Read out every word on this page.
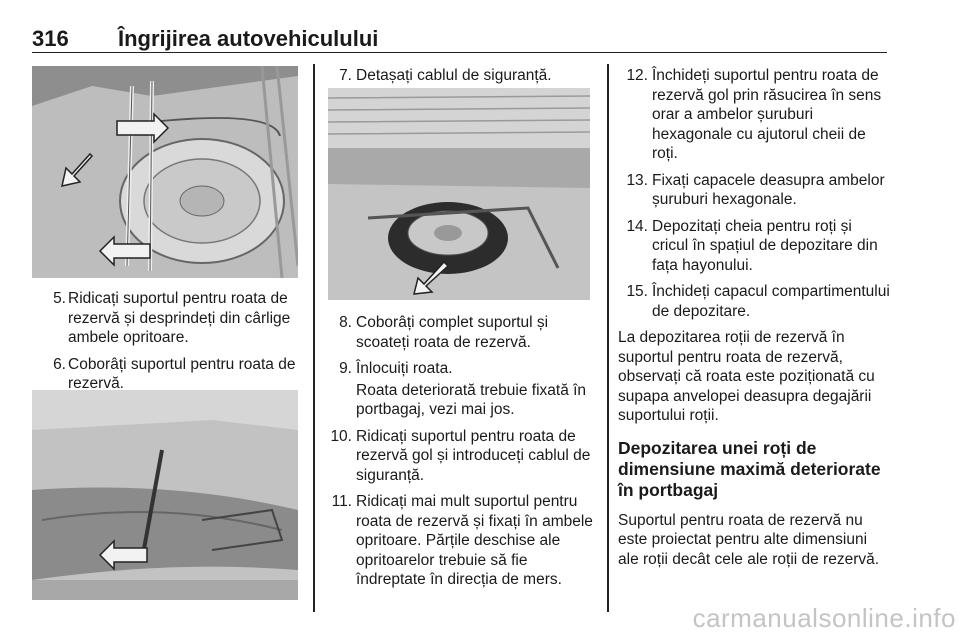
316 Îngrijirea autovehiculului
5. Ridicați suportul pentru roata de rezervă și desprindeți din cârlige ambele opritoare.
6. Coborâți suportul pentru roata de rezervă.
7. Detașați cablul de siguranță.
8. Coborâți complet suportul și scoateți roata de rezervă.
9. Înlocuiți roata.
Roata deteriorată trebuie fixată în portbagaj, vezi mai jos.
10. Ridicați suportul pentru roata de rezervă gol și introduceți cablul de siguranță.
11. Ridicați mai mult suportul pentru roata de rezervă și fixați în ambele opritoare. Părțile deschise ale opritoarelor trebuie să fie îndreptate în direcția de mers.
12. Închideți suportul pentru roata de rezervă gol prin răsucirea în sens orar a ambelor șuruburi hexagonale cu ajutorul cheii de roți.
13. Fixați capacele deasupra ambelor șuruburi hexagonale.
14. Depozitați cheia pentru roți și cricul în spațiul de depozitare din fața hayonului.
15. Închideți capacul compartimentului de depozitare.
La depozitarea roții de rezervă în suportul pentru roata de rezervă, observați că roata este poziționată cu supapa anvelopei deasupra degajării suportului roții.
Depozitarea unei roți de dimensiune maximă deteriorate în portbagaj
Suportul pentru roata de rezervă nu este proiectat pentru alte dimensiuni ale roții decât cele ale roții de rezervă.
carmanualsonline.info
